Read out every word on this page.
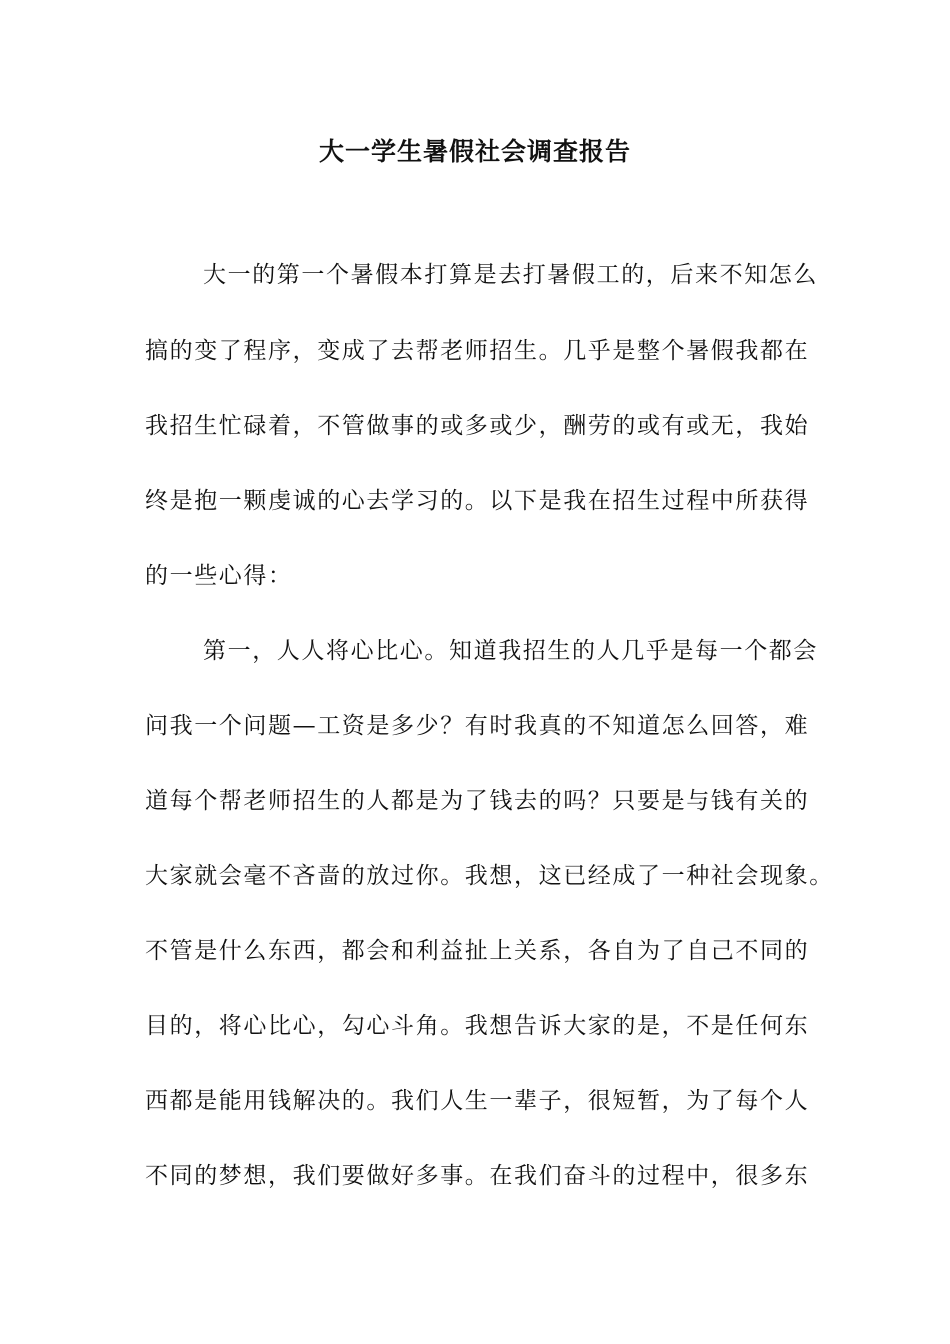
大一学生暑假社会调查报告
大一的第一个暑假本打算是去打暑假工的，后来不知怎么
搞的变了程序，变成了去帮老师招生。几乎是整个暑假我都在
我招生忙碌着，不管做事的或多或少，酬劳的或有或无，我始
终是抱一颗虔诚的心去学习的。以下是我在招生过程中所获得
的一些心得：
第一，人人将心比心。知道我招生的人几乎是每一个都会
问我一个问题—工资是多少？有时我真的不知道怎么回答，难
道每个帮老师招生的人都是为了钱去的吗？只要是与钱有关的
大家就会毫不吝啬的放过你。我想，这已经成了一种社会现象。
不管是什么东西，都会和利益扯上关系，各自为了自己不同的
目的，将心比心，勾心斗角。我想告诉大家的是，不是任何东
西都是能用钱解决的。我们人生一辈子，很短暂，为了每个人
不同的梦想，我们要做好多事。在我们奋斗的过程中，很多东
